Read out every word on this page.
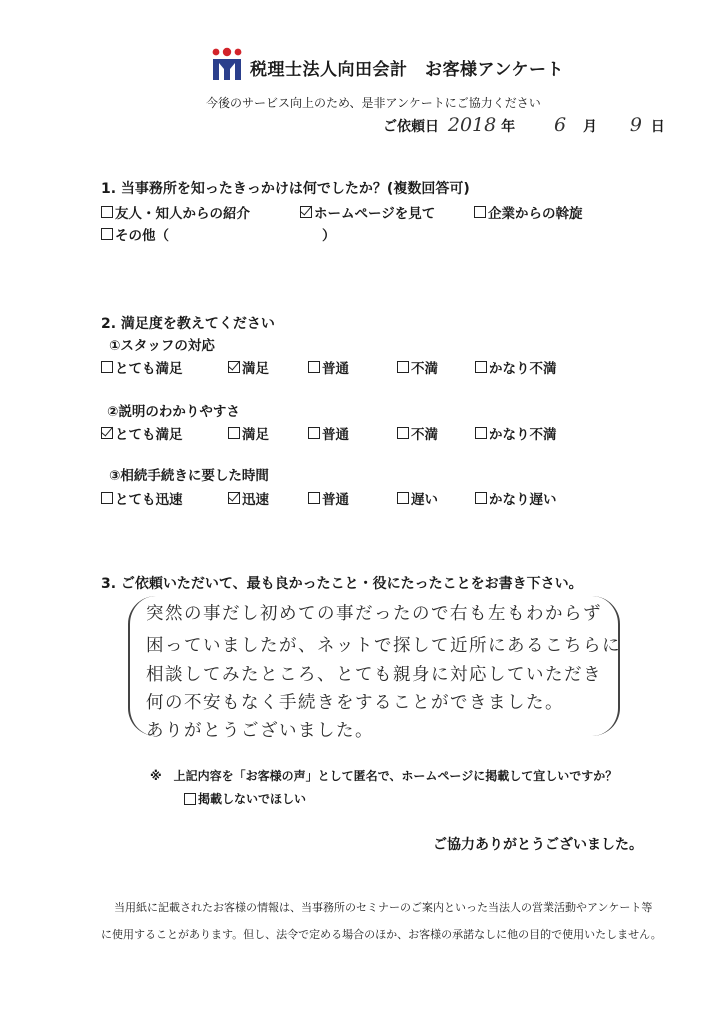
税理士法人向田会計　お客様アンケート
今後のサービス向上のため、是非アンケートにご協力ください
ご依頼日 2018 年 6 月 9 日
1. 当事務所を知ったきっかけは何でしたか？(複数回答可)
友人・知人からの紹介	ホームページを見て	企業からの斡旋
その他（	）
2. 満足度を教えてください
①スタッフの対応
とても満足	満足	普通	不満	かなり不満
②説明のわかりやすさ
とても満足	満足	普通	不満	かなり不満
③相続手続きに要した時間
とても迅速	迅速	普通	遅い	かなり遅い
3. ご依頼いただいて、最も良かったこと・役にたったことをお書き下さい。
突然の事だし初めての事だったので右も左もわからず
困っていましたが、ネットで探して近所にあるこちらに
相談してみたところ、とても親身に対応していただき
何の不安もなく手続きをすることができました。
ありがとうございました。
※　上記内容を「お客様の声」として匿名で、ホームページに掲載して宜しいですか？
掲載しないでほしい
ご協力ありがとうございました。
当用紙に記載されたお客様の情報は、当事務所のセミナーのご案内といった当法人の営業活動やアンケート等
に使用することがあります。但し、法令で定める場合のほか、お客様の承諾なしに他の目的で使用いたしません。
